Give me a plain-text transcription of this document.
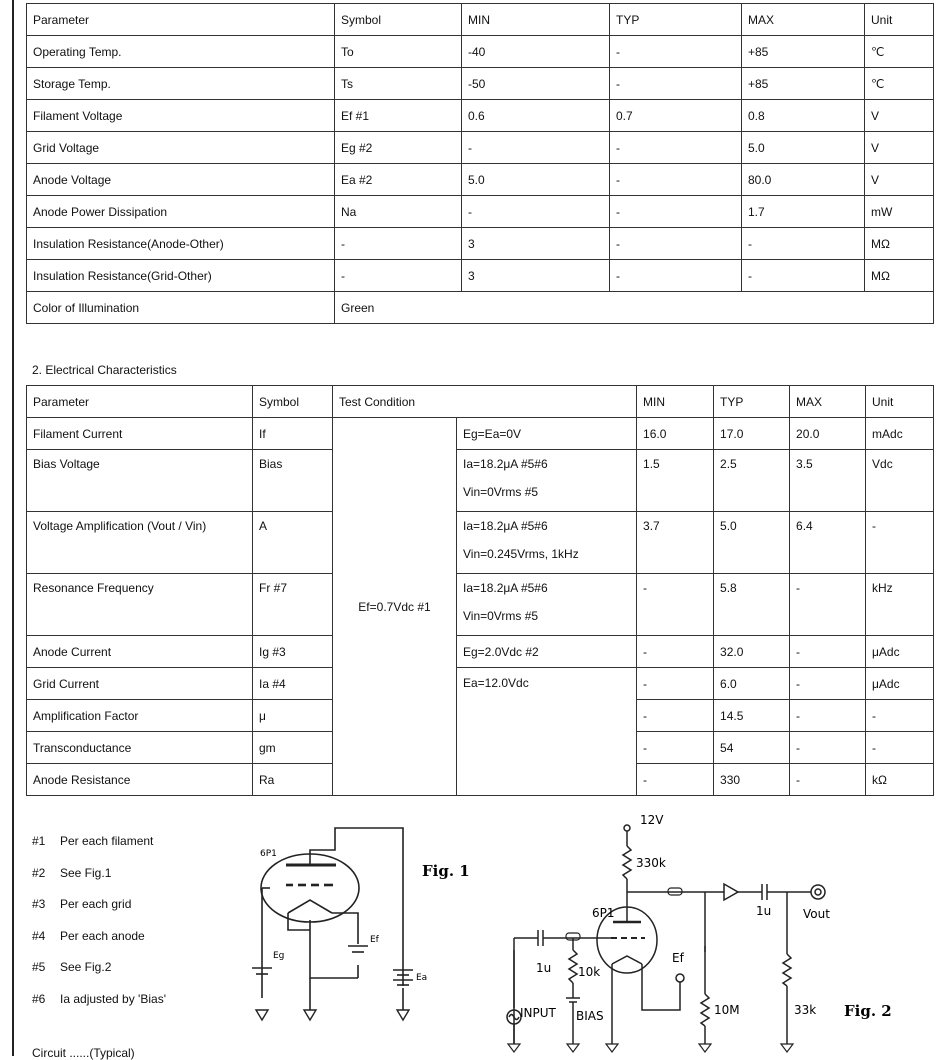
Parameter	Symbol	MIN	TYP	MAX	Unit
Operating Temp.	To	-40	-	+85	℃
Storage Temp.	Ts	-50	-	+85	℃
Filament Voltage	Ef #1	0.6	0.7	0.8	V
Grid Voltage	Eg #2	-	-	5.0	V
Anode Voltage	Ea #2	5.0	-	80.0	V
Anode Power Dissipation	Na	-	-	1.7	mW
Insulation Resistance(Anode-Other)	-	3	-	-	MΩ
Insulation Resistance(Grid-Other)	-	3	-	-	MΩ
Color of Illumination	Green				
2. Electrical Characteristics
Parameter	Symbol	Test Condition		MIN	TYP	MAX	Unit
Filament Current	If	Ef=0.7Vdc #1	Eg=Ea=0V	16.0	17.0	20.0	mAdc
Bias Voltage	Bias		Ia=18.2μA #5#6
Vin=0Vrms #5	1.5	2.5	3.5	Vdc
Voltage Amplification (Vout / Vin)	A		Ia=18.2μA #5#6
Vin=0.245Vrms, 1kHz	3.7	5.0	6.4	-
Resonance Frequency	Fr #7		Ia=18.2μA #5#6
Vin=0Vrms #5	-	5.8	-	kHz
Anode Current	Ig #3		Eg=2.0Vdc #2	-	32.0	-	μAdc
Grid Current	Ia #4		Ea=12.0Vdc	-	6.0	-	μAdc
Amplification Factor	μ			-	14.5	-	-
Transconductance	gm			-	54	-	-
Anode Resistance	Ra			-	330	-	kΩ
#1 Per each filament
#2 See Fig.1
#3 Per each grid
#4 Per each anode
#5 See Fig.2
#6 Ia adjusted by 'Bias'
6P1
Eg
Ef
Ea
Fig. 1
12V
330k
6P1	1u	Vout
1u 10k
INPUT BIAS
Ef
10M	33k Fig. 2
Circuit ......(Typical)
